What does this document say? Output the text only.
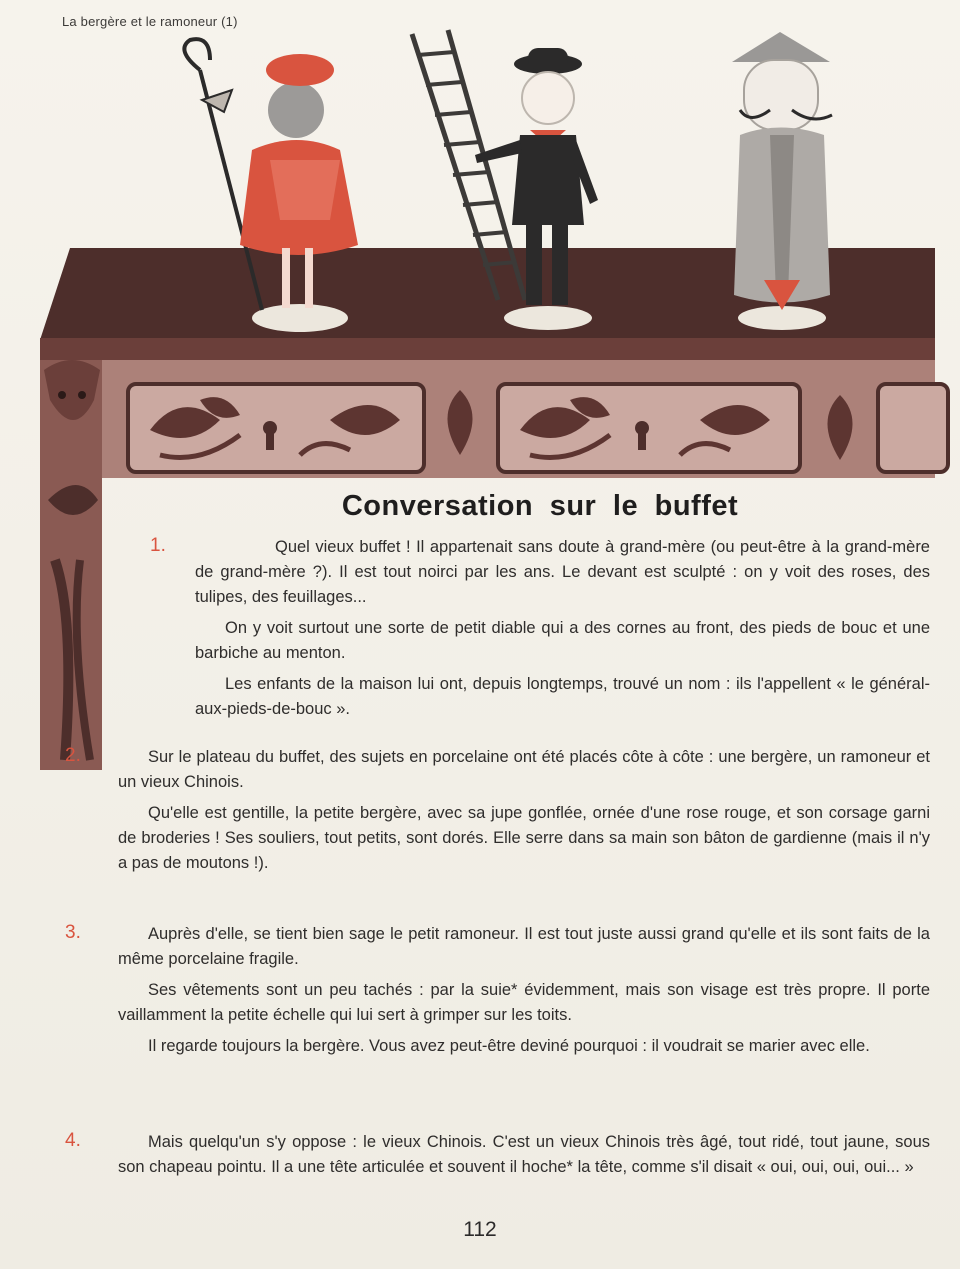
La bergère et le ramoneur (1)
Conversation sur le buffet
1.	Quel vieux buffet ! Il appartenait sans doute à grand-mère (ou peut-être à la grand-mère de grand-mère ?). Il est tout noirci par les ans. Le devant est sculpté : on y voit des roses, des tulipes, des feuillages...

On y voit surtout une sorte de petit diable qui a des cornes au front, des pieds de bouc et une barbiche au menton.

Les enfants de la maison lui ont, depuis longtemps, trouvé un nom : ils l'appellent « le général-aux-pieds-de-bouc ».

2.	Sur le plateau du buffet, des sujets en porcelaine ont été placés côte à côte : une bergère, un ramoneur et un vieux Chinois.

Qu'elle est gentille, la petite bergère, avec sa jupe gonflée, ornée d'une rose rouge, et son corsage garni de broderies ! Ses souliers, tout petits, sont dorés. Elle serre dans sa main son bâton de gardienne (mais il n'y a pas de moutons !).

3.	Auprès d'elle, se tient bien sage le petit ramoneur. Il est tout juste aussi grand qu'elle et ils sont faits de la même porcelaine fragile.

Ses vêtements sont un peu tachés : par la suie* évidemment, mais son visage est très propre. Il porte vaillamment la petite échelle qui lui sert à grimper sur les toits.

Il regarde toujours la bergère. Vous avez peut-être deviné pourquoi : il voudrait se marier avec elle.

4.	Mais quelqu'un s'y oppose : le vieux Chinois. C'est un vieux Chinois très âgé, tout ridé, tout jaune, sous son chapeau pointu. Il a une tête articulée et souvent il hoche* la tête, comme s'il disait « oui, oui, oui, oui... »

112
